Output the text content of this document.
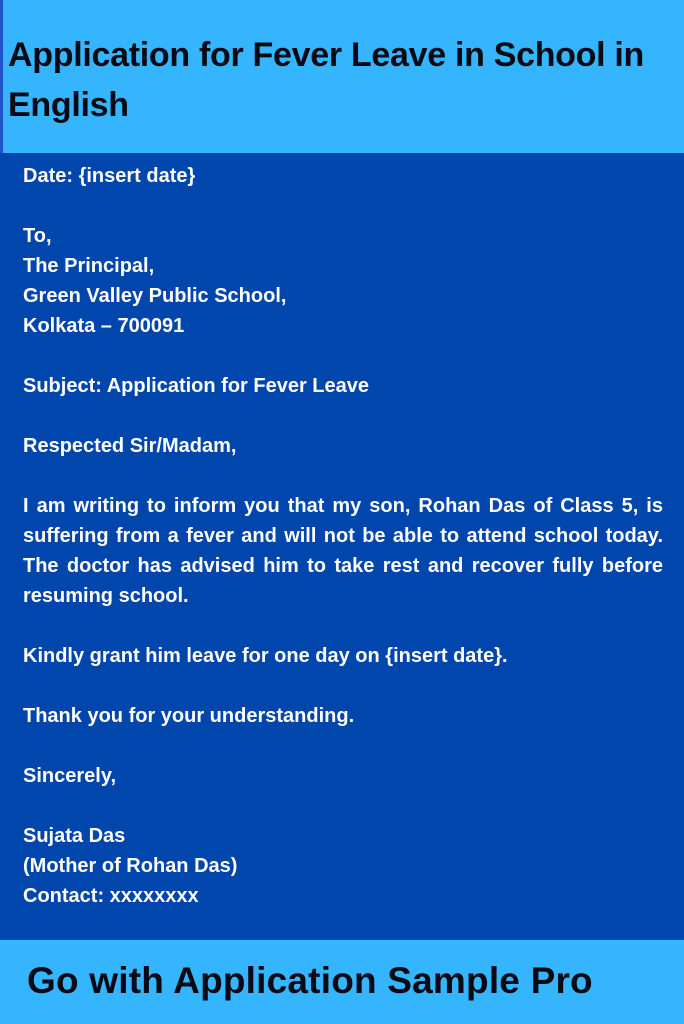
Application for Fever Leave in School in English

Date: {insert date}

To,
The Principal,
Green Valley Public School,
Kolkata – 700091

Subject: Application for Fever Leave

Respected Sir/Madam,

I am writing to inform you that my son, Rohan Das of Class 5, is suffering from a fever and will not be able to attend school today. The doctor has advised him to take rest and recover fully before resuming school.

Kindly grant him leave for one day on {insert date}.

Thank you for your understanding.

Sincerely,

Sujata Das
(Mother of Rohan Das)
Contact: xxxxxxxx

Go with Application Sample Pro
